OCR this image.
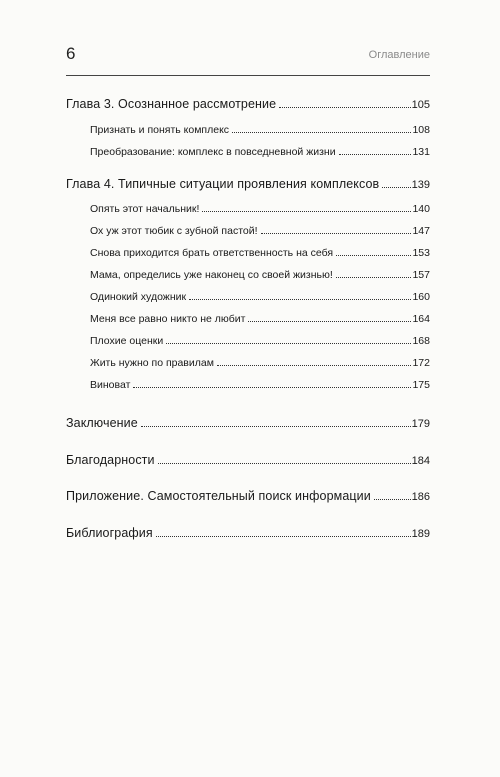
6	Оглавление
Глава 3. Осознанное рассмотрение	105
Признать и понять комплекс	108
Преобразование: комплекс в повседневной жизни	131
Глава 4. Типичные ситуации проявления комплексов	139
Опять этот начальник!	140
Ох уж этот тюбик с зубной пастой!	147
Снова приходится брать ответственность на себя	153
Мама, определись уже наконец со своей жизнью!	157
Одинокий художник	160
Меня все равно никто не любит	164
Плохие оценки	168
Жить нужно по правилам	172
Виноват	175
Заключение	179
Благодарности	184
Приложение. Самостоятельный поиск информации	186
Библиография	189
